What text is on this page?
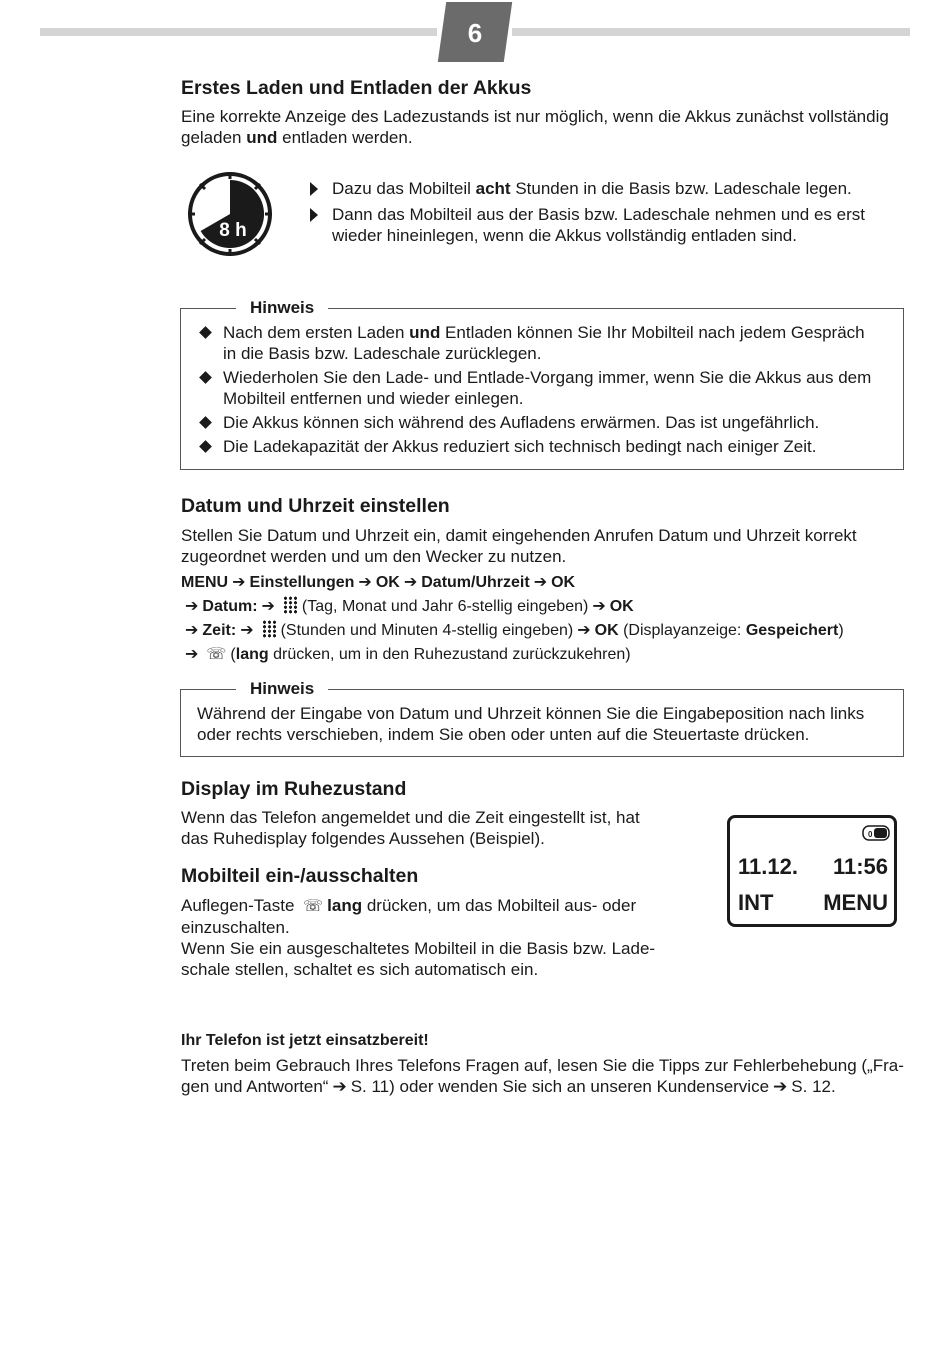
6
Erstes Laden und Entladen der Akkus

Eine korrekte Anzeige des Ladezustands ist nur möglich, wenn die Akkus zunächst vollständig

geladen und entladen werden.

8 h
Dazu das Mobilteil acht Stunden in die Basis bzw. Ladeschale legen.

Dann das Mobilteil aus der Basis bzw. Ladeschale nehmen und es erst

wieder hineinlegen, wenn die Akkus vollständig entladen sind.

Nach dem ersten Laden und Entladen können Sie Ihr Mobilteil nach jedem Gespräch

in die Basis bzw. Ladeschale zurücklegen.

Wiederholen Sie den Lade- und Entlade-Vorgang immer, wenn Sie die Akkus aus dem

Mobilteil entfernen und wieder einlegen.

Die Akkus können sich während des Aufladens erwärmen. Das ist ungefährlich.
Die Ladekapazität der Akkus reduziert sich technisch bedingt nach einiger Zeit.
Hinweis
Datum und Uhrzeit einstellen

Stellen Sie Datum und Uhrzeit ein, damit eingehenden Anrufen Datum und Uhrzeit korrekt

zugeordnet werden und um den Wecker zu nutzen.

MENU ➔ Einstellungen ➔ OK ➔ Datum/Uhrzeit ➔ OK
➔ Datum: ➔ (Tag, Monat und Jahr 6-stellig eingeben) ➔ OK
➔ Zeit: ➔ (Stunden und Minuten 4-stellig eingeben) ➔ OK (Displayanzeige: Gespeichert)
➔ ☏ (lang drücken, um in den Ruhezustand zurückzukehren)

Während der Eingabe von Datum und Uhrzeit können Sie die Eingabeposition nach links

oder rechts verschieben, indem Sie oben oder unten auf die Steuertaste drücken.

Hinweis
Display im Ruhezustand

Wenn das Telefon angemeldet und die Zeit eingestellt ist, hat

das Ruhedisplay folgendes Aussehen (Beispiel).	0
11.12. 11:56
INT MENU
Mobilteil ein-/ausschalten

Auflegen-Taste ☏ lang drücken, um das Mobilteil aus- oder

einzuschalten.

Wenn Sie ein ausgeschaltetes Mobilteil in die Basis bzw. Lade-

schale stellen, schaltet es sich automatisch ein.

Ihr Telefon ist jetzt einsatzbereit!

Treten beim Gebrauch Ihres Telefons Fragen auf, lesen Sie die Tipps zur Fehlerbehebung („Fra-

gen und Antworten“ ➔ S. 11) oder wenden Sie sich an unseren Kundenservice ➔ S. 12.
